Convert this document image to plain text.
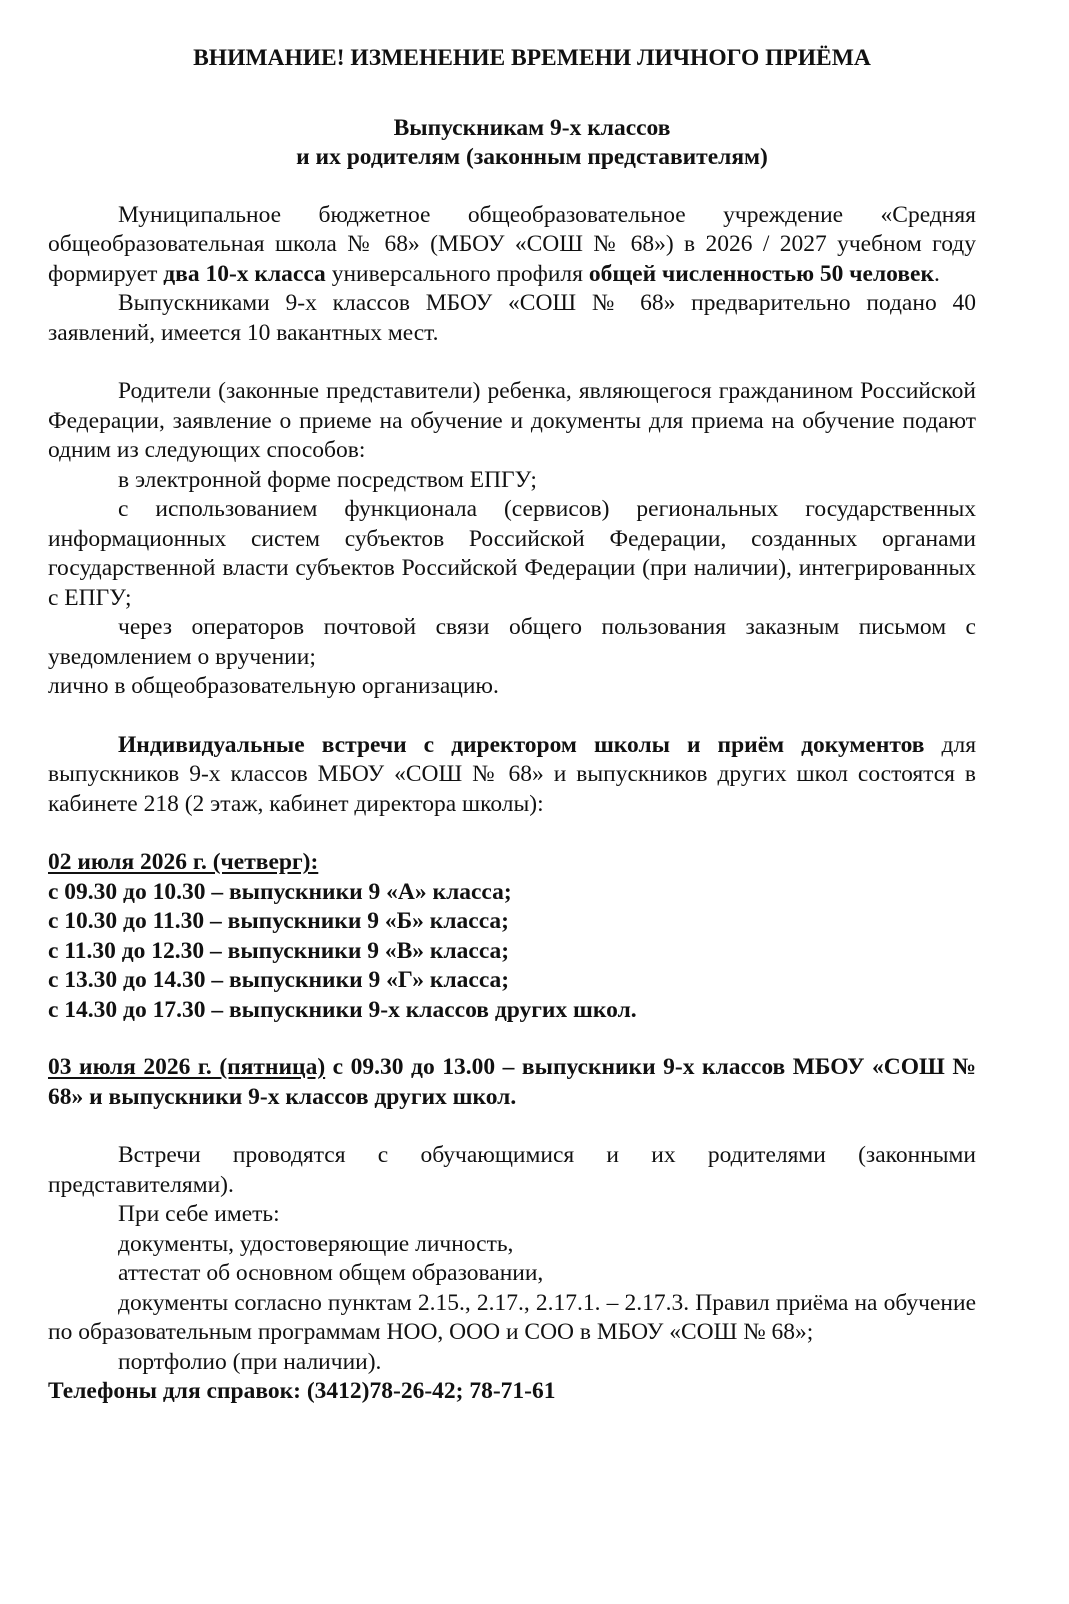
ВНИМАНИЕ! ИЗМЕНЕНИЕ ВРЕМЕНИ ЛИЧНОГО ПРИЁМА
Выпускникам 9-х классов
и их родителям (законным представителям)

Муниципальное бюджетное общеобразовательное учреждение «Средняя общеобразовательная школа № 68» (МБОУ «СОШ № 68») в 2026 / 2027 учебном году формирует два 10-х класса универсального профиля общей численностью 50 человек.

Выпускниками 9-х классов МБОУ «СОШ № 68» предварительно подано 40 заявлений, имеется 10 вакантных мест.

Родители (законные представители) ребенка, являющегося гражданином Российской Федерации, заявление о приеме на обучение и документы для приема на обучение подают одним из следующих способов:

в электронной форме посредством ЕПГУ;

с использованием функционала (сервисов) региональных государственных информационных систем субъектов Российской Федерации, созданных органами государственной власти субъектов Российской Федерации (при наличии), интегрированных с ЕПГУ;

через операторов почтовой связи общего пользования заказным письмом с уведомлением о вручении;

лично в общеобразовательную организацию.

Индивидуальные встречи с директором школы и приём документов для выпускников 9-х классов МБОУ «СОШ № 68» и выпускников других школ состоятся в кабинете 218 (2 этаж, кабинет директора школы):

02 июля 2026 г. (четверг):
с 09.30 до 10.30 – выпускники 9 «А» класса;
с 10.30 до 11.30 – выпускники 9 «Б» класса;
с 11.30 до 12.30 – выпускники 9 «В» класса;
с 13.30 до 14.30 – выпускники 9 «Г» класса;
с 14.30 до 17.30 – выпускники 9-х классов других школ.

03 июля 2026 г. (пятница) с 09.30 до 13.00 – выпускники 9-х классов МБОУ «СОШ № 68» и выпускники 9-х классов других школ.

Встречи проводятся с обучающимися и их родителями (законными представителями).

При себе иметь:

документы, удостоверяющие личность,

аттестат об основном общем образовании,

документы согласно пунктам 2.15., 2.17., 2.17.1. – 2.17.3. Правил приёма на обучение по образовательным программам НОО, ООО и СОО в МБОУ «СОШ № 68»;

портфолио (при наличии).

Телефоны для справок: (3412)78-26-42; 78-71-61
